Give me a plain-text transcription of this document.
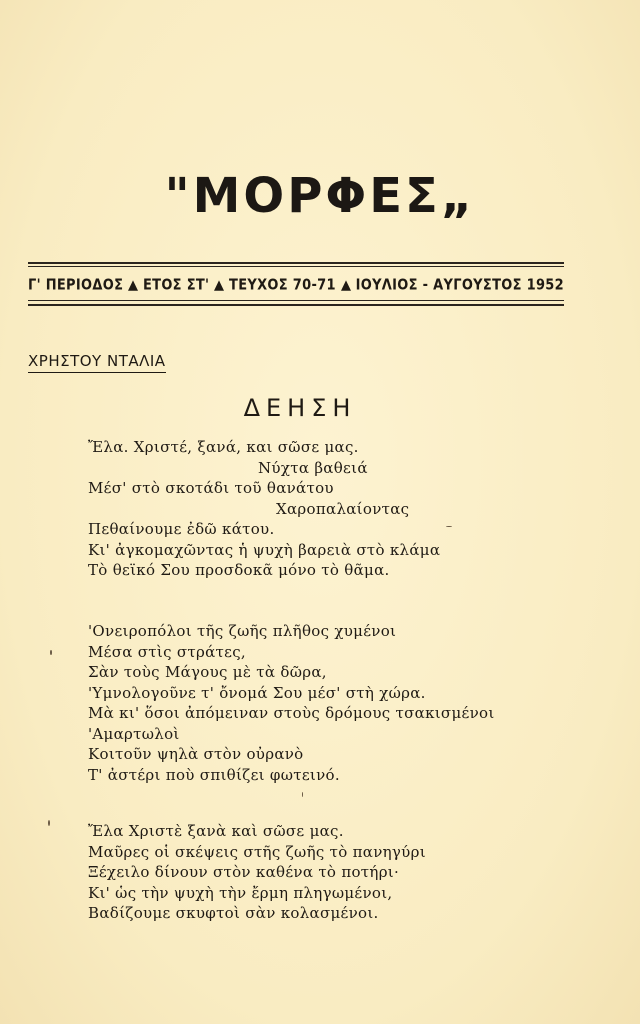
"ΜΟΡΦΕΣ„
Γ' ΠΕΡΙΟΔΟΣ ΕΤΟΣ ΣΤ' ΤΕΥΧΟΣ 70-71 ΙΟΥΛΙΟΣ - ΑΥΓΟΥΣΤΟΣ 1952
ΧΡΗΣΤΟΥ ΝΤΑΛΙΑ
ΔΕΗΣΗ
Ἔλα. Χριστέ, ξανά, και σῶσε μας.
Νύχτα βαθειά
Μέσ' στὸ σκοτάδι τοῦ θανάτου
Χαροπαλαίοντας
Πεθαίνουμε ἐδῶ κάτου.
Κι' ἀγκομαχῶντας ἡ ψυχὴ βαρειὰ στὸ κλάμα
Τὸ θεϊκό Σου προσδοκᾶ μόνο τὸ θᾶμα.
'Ονειροπόλοι τῆς ζωῆς πλῆθος χυμένοι
Μέσα στὶς στράτες,
Σὰν τοὺς Μάγους μὲ τὰ δῶρα,
'Υμνολογοῦνε τ' ὄνομά Σου μέσ' στὴ χώρα.
Μὰ κι' ὅσοι ἀπόμειναν στοὺς δρόμους τσακισμένοι
'Αμαρτωλοὶ
Κοιτοῦν ψηλὰ στὸν οὐρανὸ
Τ' ἀστέρι ποὺ σπιθίζει φωτεινό.
Ἔλα Χριστὲ ξανὰ καὶ σῶσε μας.
Μαῦρες οἱ σκέψεις στῆς ζωῆς τὸ πανηγύρι
Ξέχειλο δίνουν στὸν καθένα τὸ ποτήρι·
Κι' ὡς τὴν ψυχὴ τὴν ἔρμη πληγωμένοι,
Βαδίζουμε σκυφτοὶ σὰν κολασμένοι.
